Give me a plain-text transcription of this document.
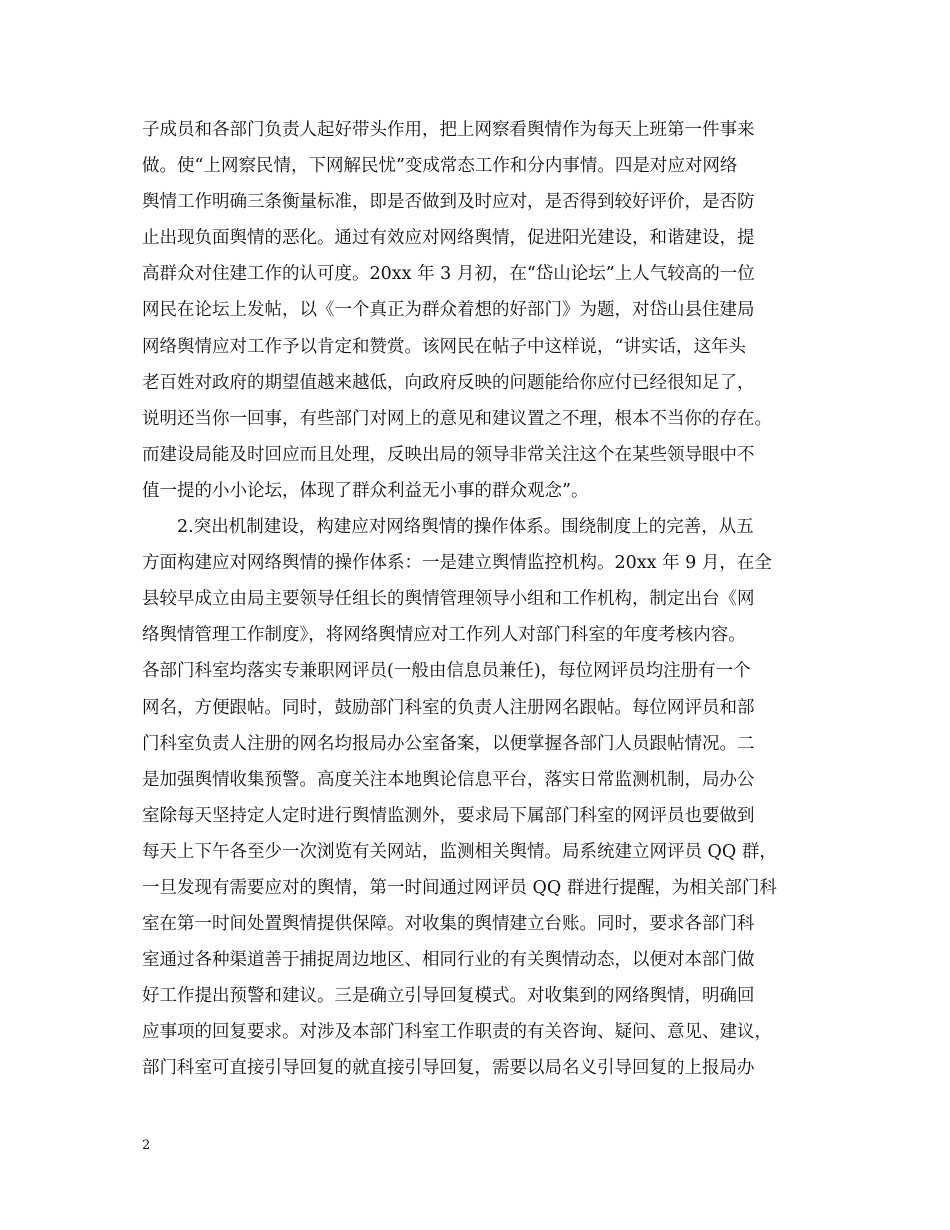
子成员和各部门负责人起好带头作用，把上网察看舆情作为每天上班第一件事来
做。使“上网察民情，下网解民忧”变成常态工作和分内事情。四是对应对网络
舆情工作明确三条衡量标准，即是否做到及时应对，是否得到较好评价，是否防
止出现负面舆情的恶化。通过有效应对网络舆情，促进阳光建设，和谐建设，提
高群众对住建工作的认可度。20xx 年 3 月初，在“岱山论坛”上人气较高的一位
网民在论坛上发帖，以《一个真正为群众着想的好部门》为题，对岱山县住建局
网络舆情应对工作予以肯定和赞赏。该网民在帖子中这样说，“讲实话，这年头
老百姓对政府的期望值越来越低，向政府反映的问题能给你应付已经很知足了，
说明还当你一回事，有些部门对网上的意见和建议置之不理，根本不当你的存在。
而建设局能及时回应而且处理，反映出局的领导非常关注这个在某些领导眼中不
值一提的小小论坛，体现了群众利益无小事的群众观念”。
　　2.突出机制建设，构建应对网络舆情的操作体系。围绕制度上的完善，从五
方面构建应对网络舆情的操作体系：一是建立舆情监控机构。20xx 年 9 月，在全
县较早成立由局主要领导任组长的舆情管理领导小组和工作机构，制定出台《网
络舆情管理工作制度》，将网络舆情应对工作列人对部门科室的年度考核内容。
各部门科室均落实专兼职网评员(一般由信息员兼任)，每位网评员均注册有一个
网名，方便跟帖。同时，鼓励部门科室的负责人注册网名跟帖。每位网评员和部
门科室负责人注册的网名均报局办公室备案，以便掌握各部门人员跟帖情况。二
是加强舆情收集预警。高度关注本地舆论信息平台，落实日常监测机制，局办公
室除每天坚持定人定时进行舆情监测外，要求局下属部门科室的网评员也要做到
每天上下午各至少一次浏览有关网站，监测相关舆情。局系统建立网评员 QQ 群，
一旦发现有需要应对的舆情，第一时间通过网评员 QQ 群进行提醒，为相关部门科
室在第一时间处置舆情提供保障。对收集的舆情建立台账。同时，要求各部门科
室通过各种渠道善于捕捉周边地区、相同行业的有关舆情动态，以便对本部门做
好工作提出预警和建议。三是确立引导回复模式。对收集到的网络舆情，明确回
应事项的回复要求。对涉及本部门科室工作职责的有关咨询、疑问、意见、建议，
部门科室可直接引导回复的就直接引导回复，需要以局名义引导回复的上报局办
2
